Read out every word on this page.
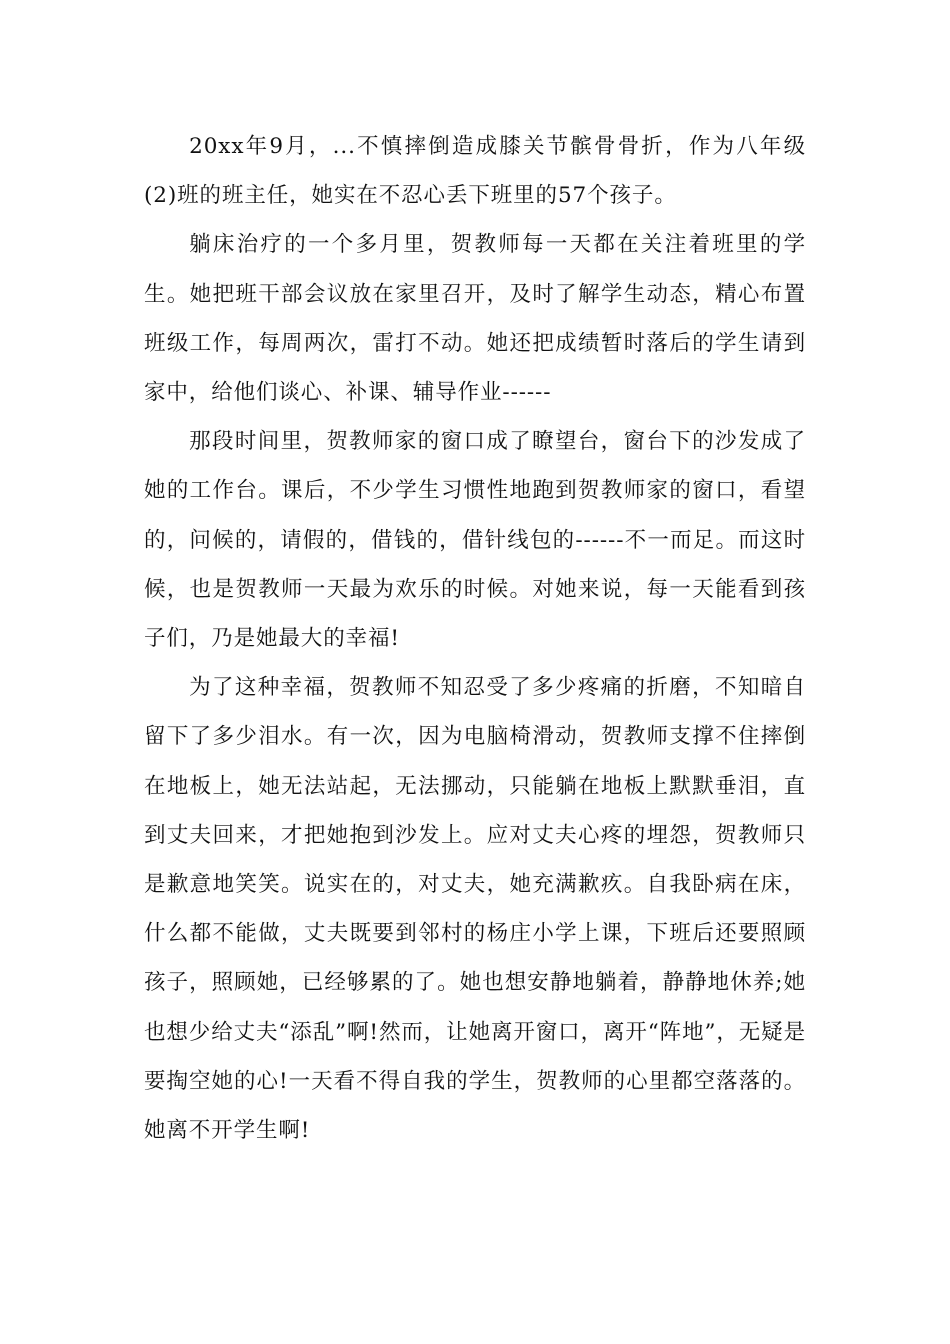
20xx年9月，...不慎摔倒造成膝关节髌骨骨折，作为八年级(2)班的班主任，她实在不忍心丢下班里的57个孩子。

躺床治疗的一个多月里，贺教师每一天都在关注着班里的学生。她把班干部会议放在家里召开，及时了解学生动态，精心布置班级工作，每周两次，雷打不动。她还把成绩暂时落后的学生请到家中，给他们谈心、补课、辅导作业------

那段时间里，贺教师家的窗口成了瞭望台，窗台下的沙发成了她的工作台。课后，不少学生习惯性地跑到贺教师家的窗口，看望的，问候的，请假的，借钱的，借针线包的------不一而足。而这时候，也是贺教师一天最为欢乐的时候。对她来说，每一天能看到孩子们，乃是她最大的幸福!

为了这种幸福，贺教师不知忍受了多少疼痛的折磨，不知暗自留下了多少泪水。有一次，因为电脑椅滑动，贺教师支撑不住摔倒在地板上，她无法站起，无法挪动，只能躺在地板上默默垂泪，直到丈夫回来，才把她抱到沙发上。应对丈夫心疼的埋怨，贺教师只是歉意地笑笑。说实在的，对丈夫，她充满歉疚。自我卧病在床，什么都不能做，丈夫既要到邻村的杨庄小学上课，下班后还要照顾孩子，照顾她，已经够累的了。她也想安静地躺着，静静地休养;她也想少给丈夫“添乱”啊!然而，让她离开窗口，离开“阵地”，无疑是要掏空她的心!一天看不得自我的学生，贺教师的心里都空落落的。她离不开学生啊!
